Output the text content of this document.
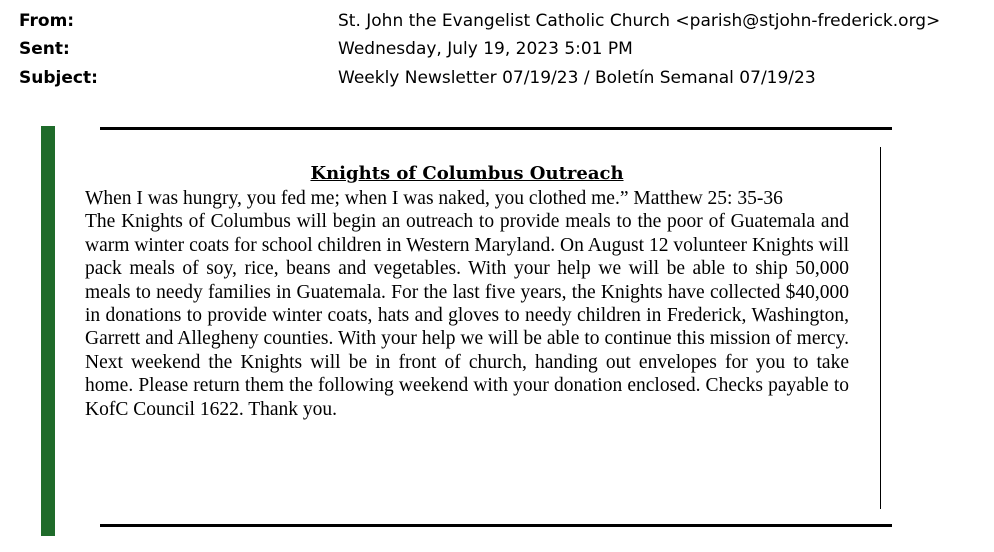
From:	St. John the Evangelist Catholic Church <parish@stjohn-frederick.org>
Sent:	Wednesday, July 19, 2023 5:01 PM
Subject:	Weekly Newsletter 07/19/23 / Boletín Semanal 07/19/23
Knights of Columbus Outreach

When I was hungry, you fed me; when I was naked, you clothed me.” Matthew 25: 35-36

The Knights of Columbus will begin an outreach to provide meals to the poor of Guatemala and warm winter coats for school children in Western Maryland. On August 12 volunteer Knights will pack meals of soy, rice, beans and vegetables. With your help we will be able to ship 50,000 meals to needy families in Guatemala. For the last five years, the Knights have collected $40,000 in donations to provide winter coats, hats and gloves to needy children in Frederick, Washington, Garrett and Allegheny counties. With your help we will be able to continue this mission of mercy. Next weekend the Knights will be in front of church, handing out envelopes for you to take home. Please return them the following weekend with your donation enclosed. Checks payable to KofC Council 1622. Thank you.
